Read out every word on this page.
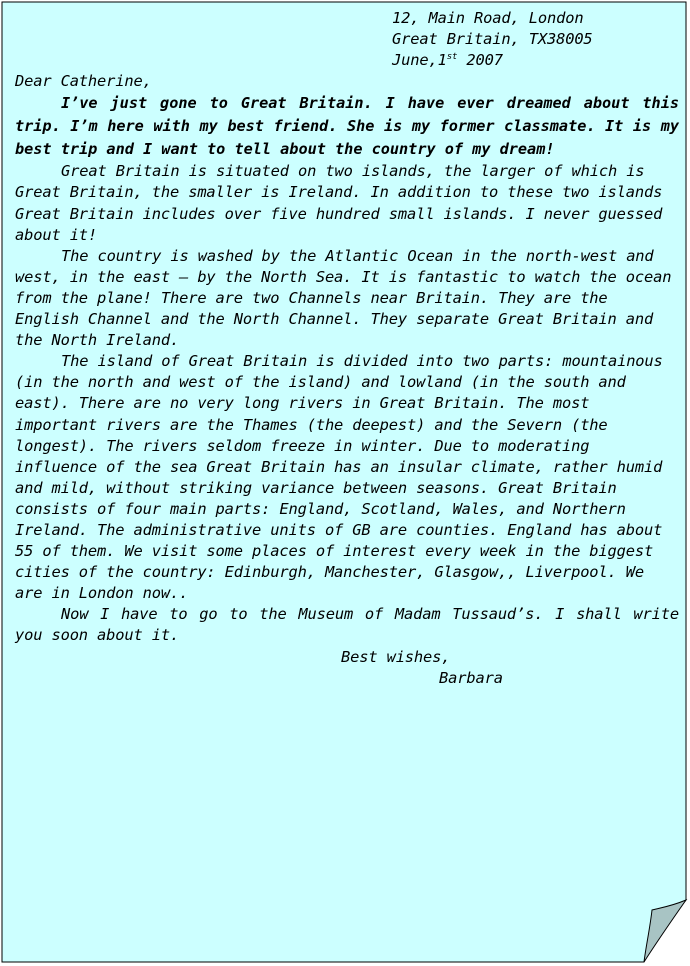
12, Main Road, London
Great Britain, TX38005
June,1st 2007
Dear Catherine,

I’ve just gone to Great Britain. I have ever dreamed about this trip. I’m here with my best friend. She is my former classmate. It is my best trip and I want to tell about the country of my dream!

Great Britain is situated on two islands, the larger of which is Great Britain, the smaller is Ireland. In addition to these two islands Great Britain includes over five hundred small islands. I never guessed about it!

The country is washed by the Atlantic Ocean in the north-west and west, in the east — by the North Sea. It is fantastic to watch the ocean from the plane! There are two Channels near Britain. They are the English Channel and the North Channel. They separate Great Britain and the North Ireland.

The island of Great Britain is divided into two parts: mountainous (in the north and west of the island) and lowland (in the south and east). There are no very long rivers in Great Britain. The most important rivers are the Thames (the deepest) and the Severn (the longest). The rivers seldom freeze in winter. Due to moderating influence of the sea Great Britain has an insular climate, rather humid and mild, without striking variance between seasons. Great Britain consists of four main parts: England, Scotland, Wales, and Northern Ireland. The administrative units of GB are counties. England has about 55 of them. We visit some places of interest every week in the biggest cities of the country: Edinburgh, Manchester, Glasgow,, Liverpool. We are in London now..

Now I have to go to the Museum of Madam Tussaud’s. I shall write you soon about it.

Best wishes,
Barbara
